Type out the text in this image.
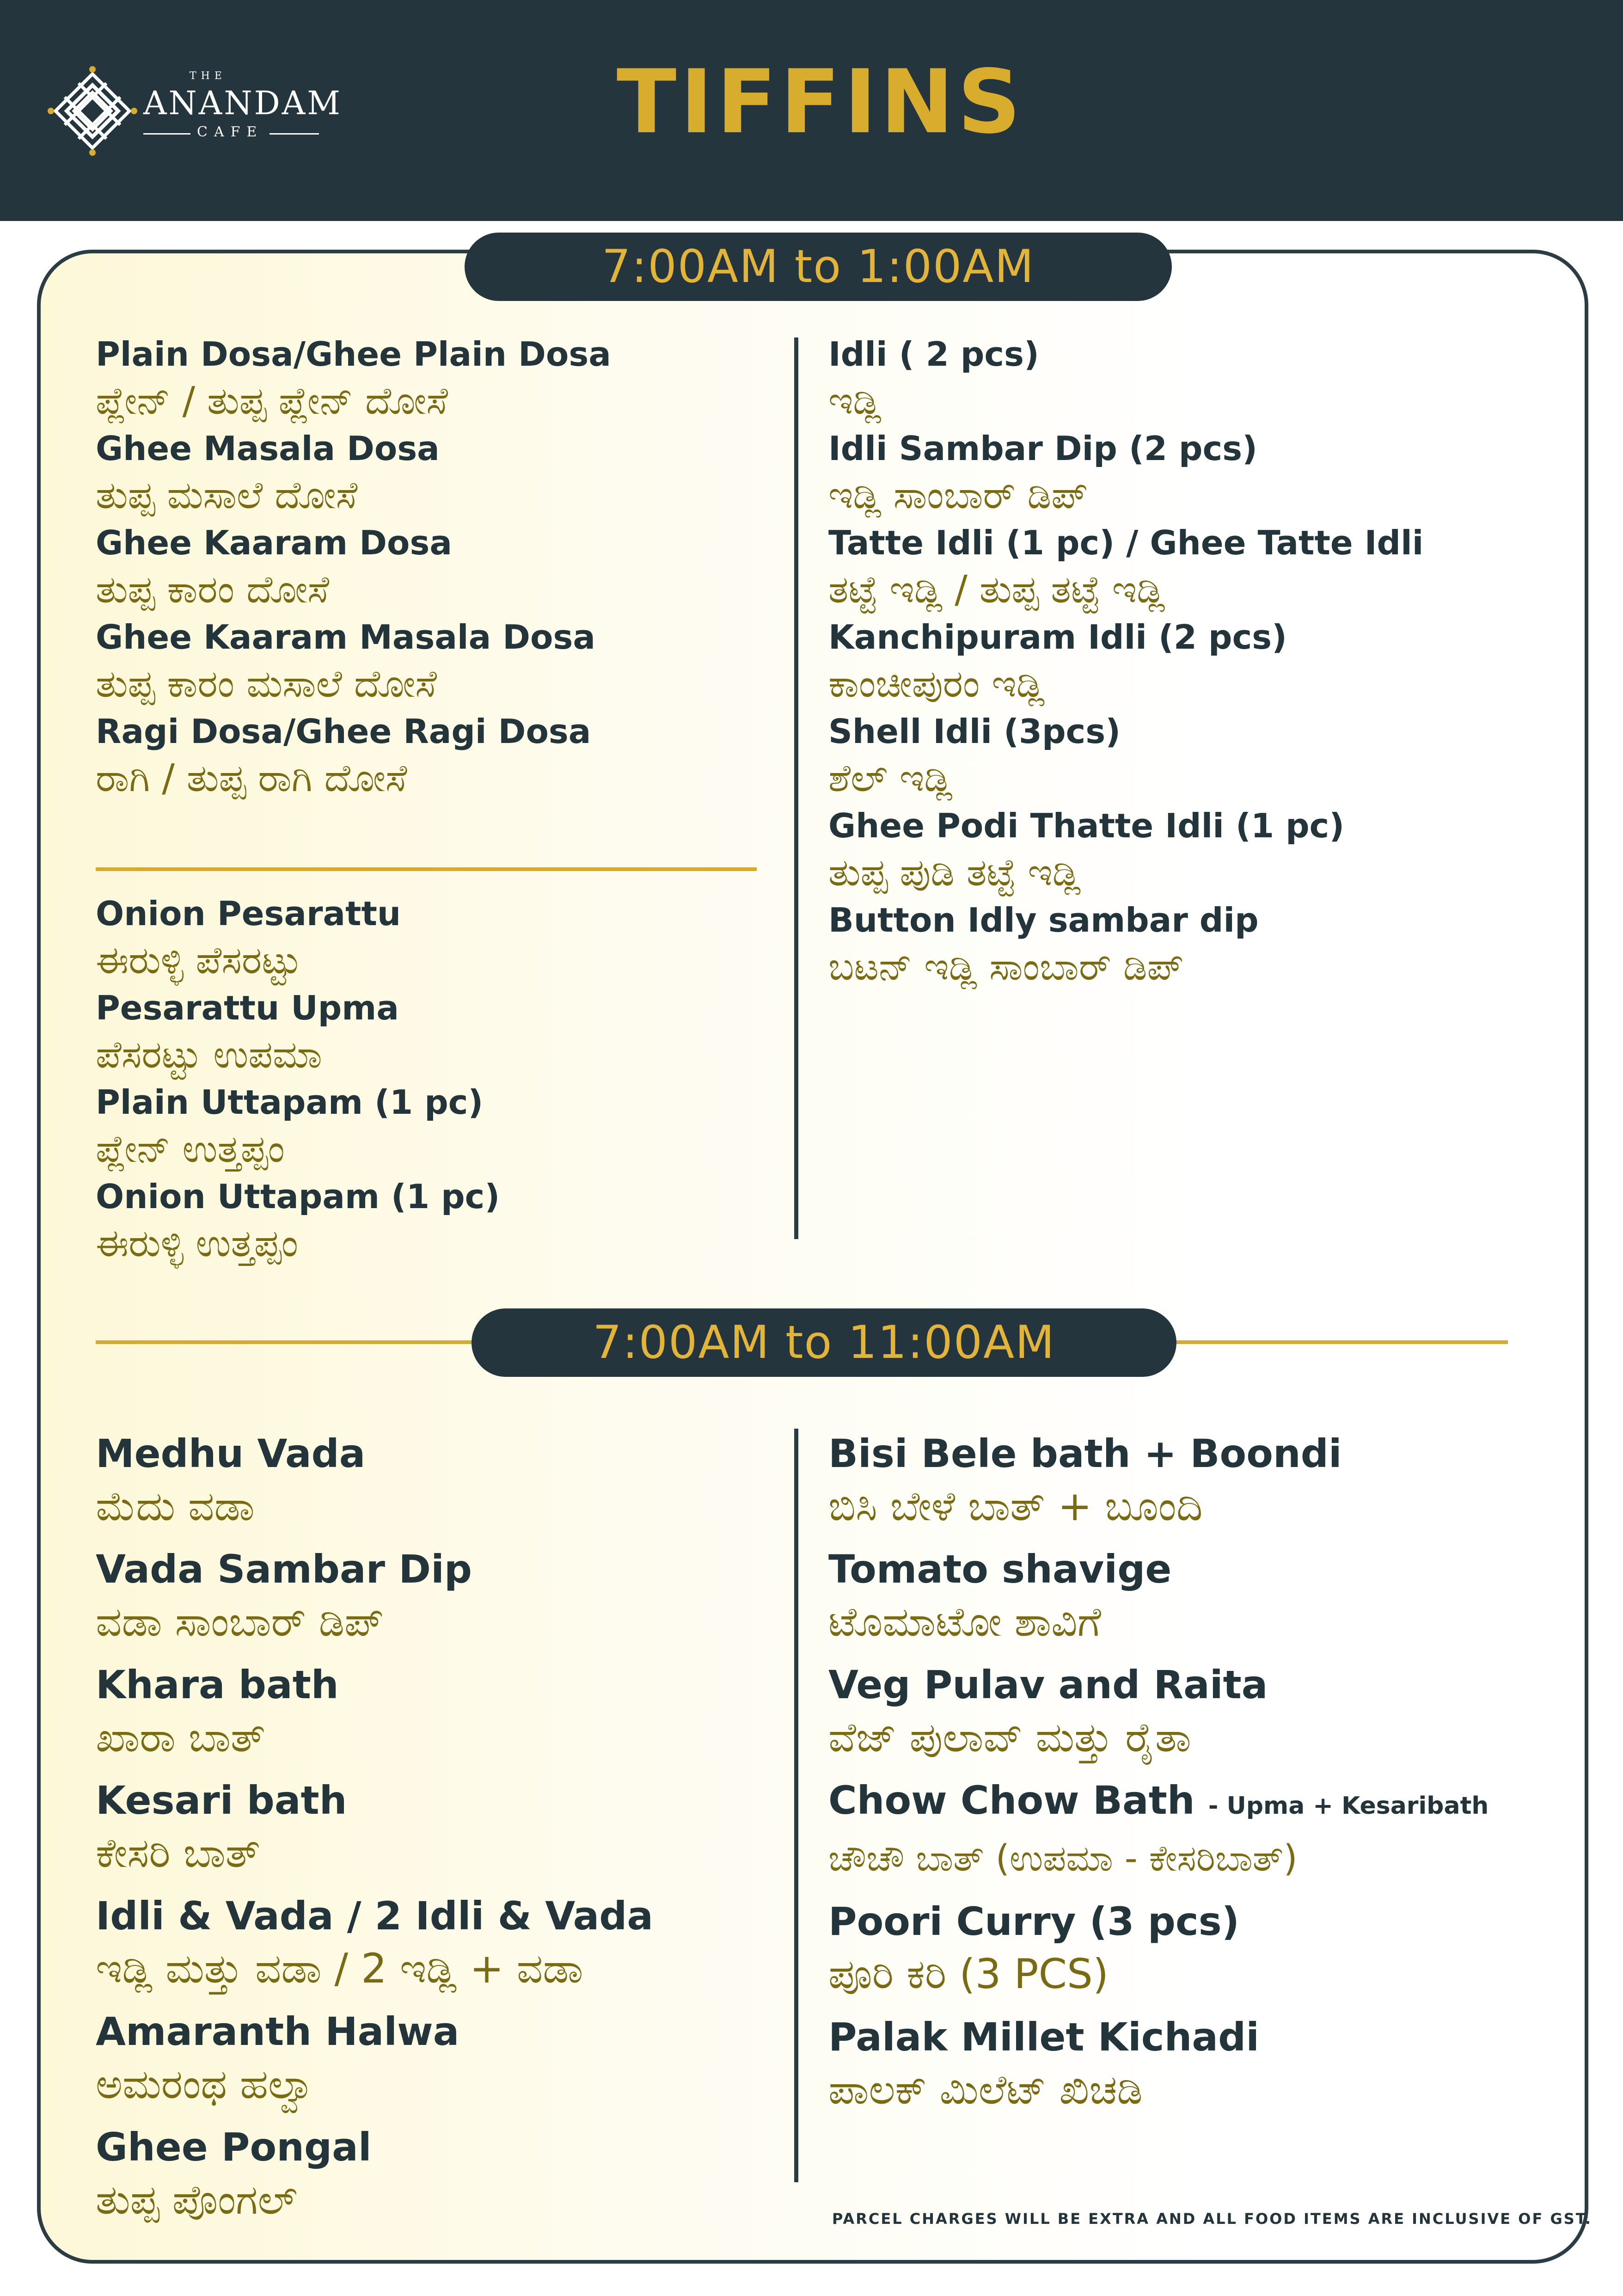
THE
ANANDAM
CAFE	TIFFINS
7:00AM to 1:00AM
Plain Dosa/Ghee Plain Dosa
ಪ್ಲೇನ್ / ತುಪ್ಪ ಪ್ಲೇನ್ ದೋಸೆ
Ghee Masala Dosa
ತುಪ್ಪ ಮಸಾಲೆ ದೋಸೆ
Ghee Kaaram Dosa
ತುಪ್ಪ ಕಾರಂ ದೋಸೆ
Ghee Kaaram Masala Dosa
ತುಪ್ಪ ಕಾರಂ ಮಸಾಲೆ ದೋಸೆ
Ragi Dosa/Ghee Ragi Dosa
ರಾಗಿ / ತುಪ್ಪ ರಾಗಿ ದೋಸೆ
Onion Pesarattu
ಈರುಳ್ಳಿ ಪೆಸರಟ್ಟು
Pesarattu Upma
ಪೆಸರಟ್ಟು ಉಪಮಾ
Plain Uttapam (1 pc)
ಪ್ಲೇನ್ ಉತ್ತಪ್ಪಂ
Onion Uttapam (1 pc)
ಈರುಳ್ಳಿ ಉತ್ತಪ್ಪಂ
Idli ( 2 pcs)
ಇಡ್ಲಿ
Idli Sambar Dip (2 pcs)
ಇಡ್ಲಿ ಸಾಂಬಾರ್ ಡಿಪ್
Tatte Idli (1 pc) / Ghee Tatte Idli
ತಟ್ಟೆ ಇಡ್ಲಿ / ತುಪ್ಪ ತಟ್ಟೆ ಇಡ್ಲಿ
Kanchipuram Idli (2 pcs)
ಕಾಂಚೀಪುರಂ ಇಡ್ಲಿ
Shell Idli (3pcs)
ಶೆಲ್ ಇಡ್ಲಿ
Ghee Podi Thatte Idli (1 pc)
ತುಪ್ಪ ಪುಡಿ ತಟ್ಟೆ ಇಡ್ಲಿ
Button Idly sambar dip
ಬಟನ್ ಇಡ್ಲಿ ಸಾಂಬಾರ್ ಡಿಪ್
7:00AM to 11:00AM
Medhu Vada
ಮೆದು ವಡಾ
Vada Sambar Dip
ವಡಾ ಸಾಂಬಾರ್ ಡಿಪ್
Khara bath
ಖಾರಾ ಬಾತ್
Kesari bath
ಕೇಸರಿ ಬಾತ್
Idli & Vada / 2 Idli & Vada
ಇಡ್ಲಿ ಮತ್ತು ವಡಾ / 2 ಇಡ್ಲಿ + ವಡಾ
Amaranth Halwa
ಅಮರಂಥ ಹಲ್ವಾ
Ghee Pongal
ತುಪ್ಪ ಪೊಂಗಲ್
Bisi Bele bath + Boondi
ಬಿಸಿ ಬೇಳೆ ಬಾತ್ + ಬೂಂದಿ
Tomato shavige
ಟೊಮಾಟೋ ಶಾವಿಗೆ
Veg Pulav and Raita
ವೆಜ್ ಪುಲಾವ್ ಮತ್ತು ರೈತಾ
Chow Chow Bath - Upma + Kesaribath
ಚೌಚೌ ಬಾತ್ (ಉಪಮಾ - ಕೇಸರಿಬಾತ್)
Poori Curry (3 pcs)
ಪೂರಿ ಕರಿ (3 PCS)
Palak Millet Kichadi
ಪಾಲಕ್ ಮಿಲೆಟ್ ಖಿಚಡಿ
PARCEL CHARGES WILL BE EXTRA AND ALL FOOD ITEMS ARE INCLUSIVE OF GST.
